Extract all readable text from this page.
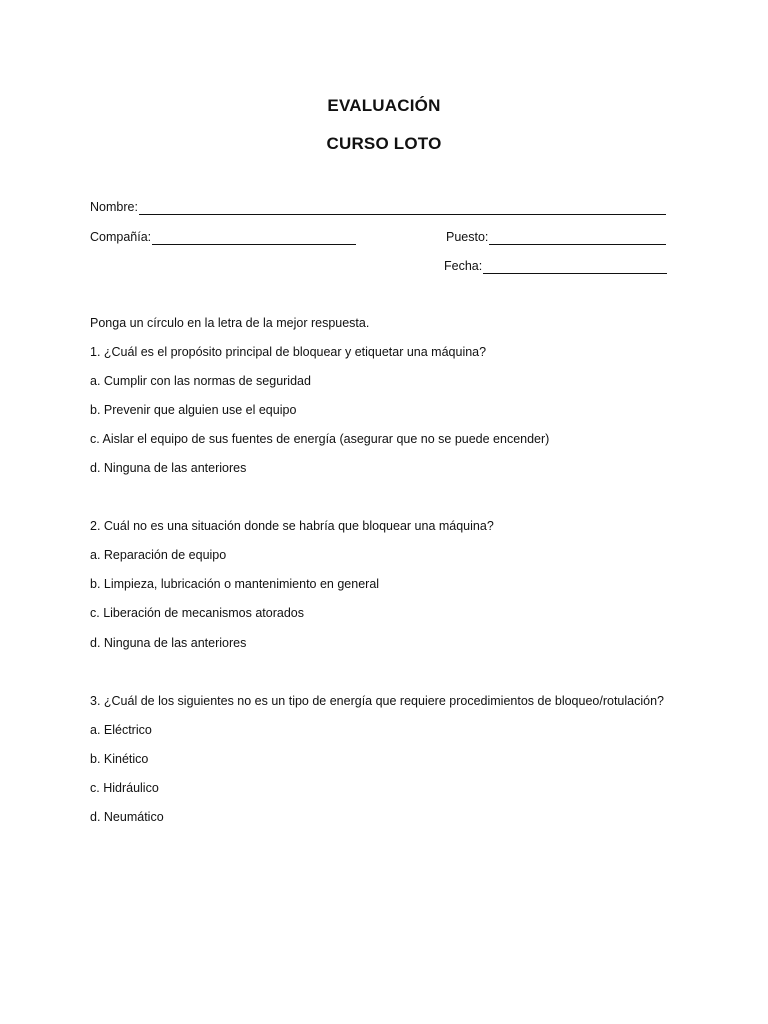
EVALUACIÓN
CURSO LOTO
Nombre:
Compañía:	Puesto:
Fecha:
Ponga un círculo en la letra de la mejor respuesta.
1. ¿Cuál es el propósito principal de bloquear y etiquetar una máquina?
a. Cumplir con las normas de seguridad
b. Prevenir que alguien use el equipo
c. Aislar el equipo de sus fuentes de energía (asegurar que no se puede encender)
d. Ninguna de las anteriores
2. Cuál no es una situación donde se habría que bloquear una máquina?
a. Reparación de equipo
b. Limpieza, lubricación o mantenimiento en general
c. Liberación de mecanismos atorados
d. Ninguna de las anteriores
3. ¿Cuál de los siguientes no es un tipo de energía que requiere procedimientos de bloqueo/rotulación?
a. Eléctrico
b. Kinético
c. Hidráulico
d. Neumático
